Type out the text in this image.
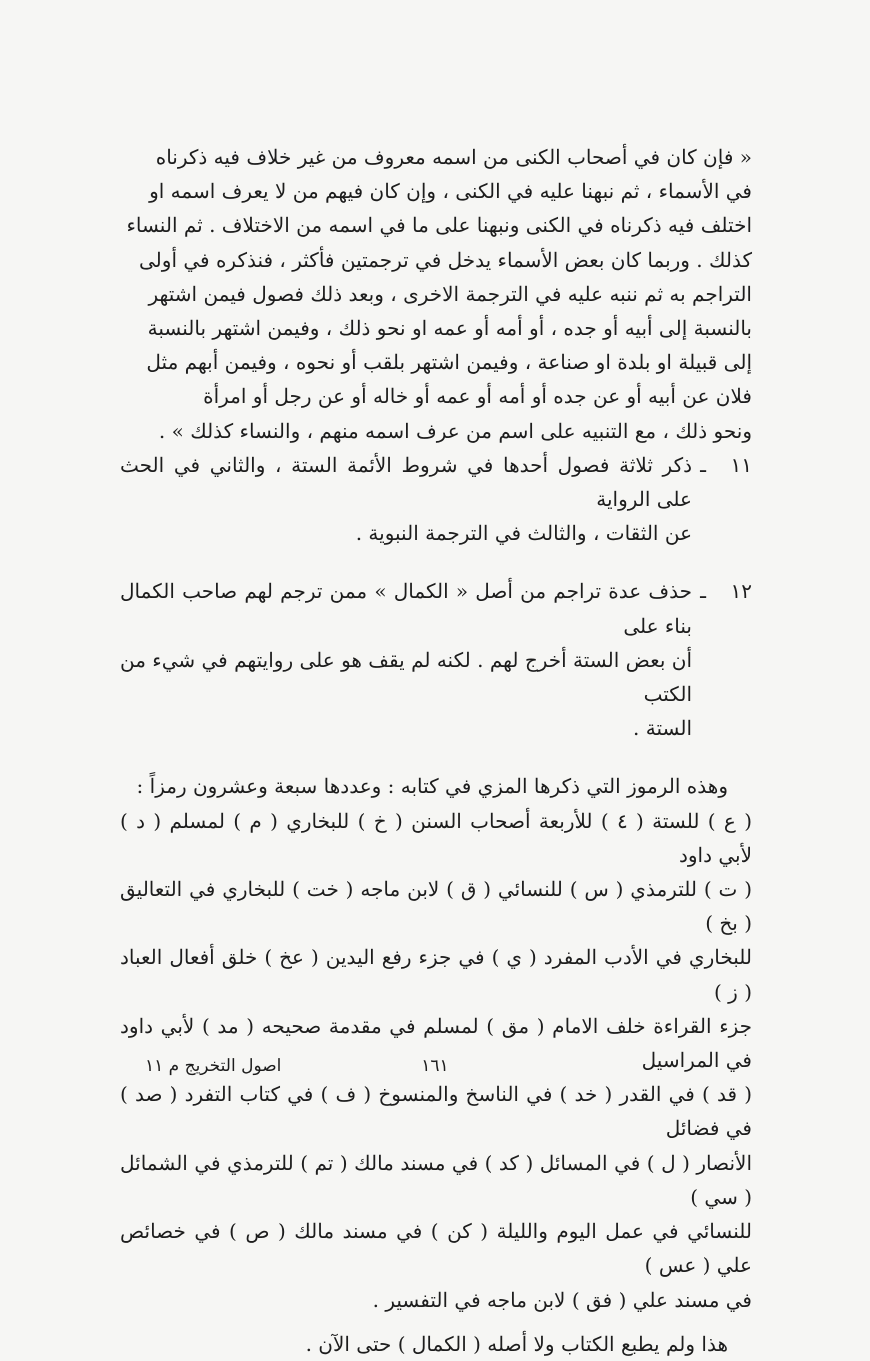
« فإن كان في أصحاب الكنى من اسمه معروف من غير خلاف فيه ذكرناه

في الأسماء ، ثم نبهنا عليه في الكنى ، وإن كان فيهم من لا يعرف اسمه او

اختلف فيه ذكرناه في الكنى ونبهنا على ما في اسمه من الاختلاف . ثم النساء

كذلك . وربما كان بعض الأسماء يدخل في ترجمتين فأكثر ، فنذكره في أولى

التراجم به ثم ننبه عليه في الترجمة الاخرى ، وبعد ذلك فصول فيمن اشتهر

بالنسبة إلى أبيه أو جده ، أو أمه أو عمه او نحو ذلك ، وفيمن اشتهر بالنسبة

إلى قبيلة او بلدة او صناعة ، وفيمن اشتهر بلقب أو نحوه ، وفيمن أبهم مثل

فلان عن أبيه أو عن جده أو أمه أو عمه أو خاله أو عن رجل أو امرأة

ونحو ذلك ، مع التنبيه على اسم من عرف اسمه منهم ، والنساء كذلك » .

١١
ـ

ذكر ثلاثة فصول أحدها في شروط الأئمة الستة ، والثاني في الحث على الرواية

عن الثقات ، والثالث في الترجمة النبوية .

١٢
ـ

حذف عدة تراجم من أصل « الكمال » ممن ترجم لهم صاحب الكمال بناء على

أن بعض الستة أخرج لهم . لكنه لم يقف هو على روايتهم في شيء من الكتب

الستة .

وهذه الرموز التي ذكرها المزي في كتابه : وعددها سبعة وعشرون رمزاً :

( ع ) للستة ( ٤ ) للأربعة أصحاب السنن ( خ ) للبخاري ( م ) لمسلم ( د ) لأبي داود

( ت ) للترمذي ( س ) للنسائي ( ق ) لابن ماجه ( خت ) للبخاري في التعاليق ( بخ )

للبخاري في الأدب المفرد ( ي ) في جزء رفع اليدين ( عخ ) خلق أفعال العباد ( ز )

جزء القراءة خلف الامام ( مق ) لمسلم في مقدمة صحيحه ( مد ) لأبي داود في المراسيل

( قد ) في القدر ( خد ) في الناسخ والمنسوخ ( ف ) في كتاب التفرد ( صد ) في فضائل

الأنصار ( ل ) في المسائل ( كد ) في مسند مالك ( تم ) للترمذي في الشمائل ( سي )

للنسائي في عمل اليوم والليلة ( كن ) في مسند مالك ( ص ) في خصائص علي ( عس )

في مسند علي ( فق ) لابن ماجه في التفسير .

هذا ولم يطبع الكتاب ولا أصله ( الكمال ) حتى الآن .

١٦١
اصول التخريج م ١١
